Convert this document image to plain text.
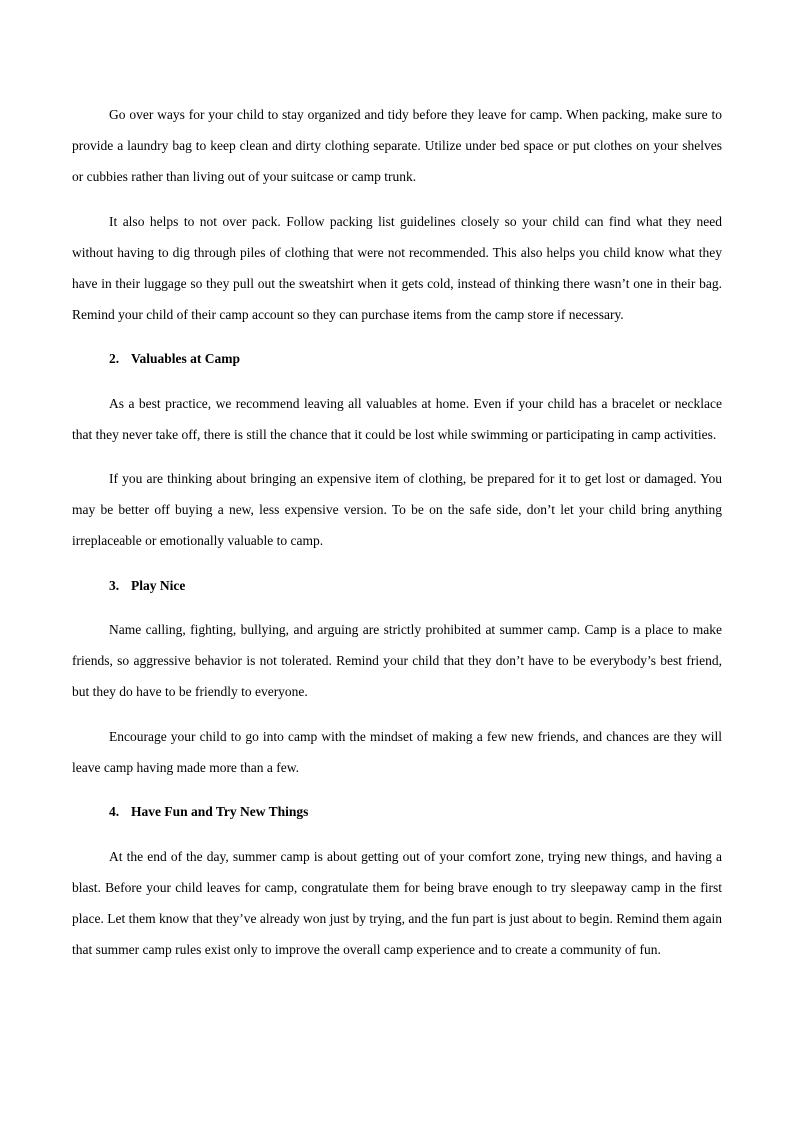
Go over ways for your child to stay organized and tidy before they leave for camp. When packing, make sure to provide a laundry bag to keep clean and dirty clothing separate. Utilize under bed space or put clothes on your shelves or cubbies rather than living out of your suitcase or camp trunk.

It also helps to not over pack. Follow packing list guidelines closely so your child can find what they need without having to dig through piles of clothing that were not recommended. This also helps you child know what they have in their luggage so they pull out the sweatshirt when it gets cold, instead of thinking there wasn’t one in their bag. Remind your child of their camp account so they can purchase items from the camp store if necessary.

2. Valuables at Camp

As a best practice, we recommend leaving all valuables at home. Even if your child has a bracelet or necklace that they never take off, there is still the chance that it could be lost while swimming or participating in camp activities.

If you are thinking about bringing an expensive item of clothing, be prepared for it to get lost or damaged. You may be better off buying a new, less expensive version. To be on the safe side, don’t let your child bring anything irreplaceable or emotionally valuable to camp.

3. Play Nice

Name calling, fighting, bullying, and arguing are strictly prohibited at summer camp. Camp is a place to make friends, so aggressive behavior is not tolerated. Remind your child that they don’t have to be everybody’s best friend, but they do have to be friendly to everyone.

Encourage your child to go into camp with the mindset of making a few new friends, and chances are they will leave camp having made more than a few.

4. Have Fun and Try New Things

At the end of the day, summer camp is about getting out of your comfort zone, trying new things, and having a blast. Before your child leaves for camp, congratulate them for being brave enough to try sleepaway camp in the first place. Let them know that they’ve already won just by trying, and the fun part is just about to begin. Remind them again that summer camp rules exist only to improve the overall camp experience and to create a community of fun.
